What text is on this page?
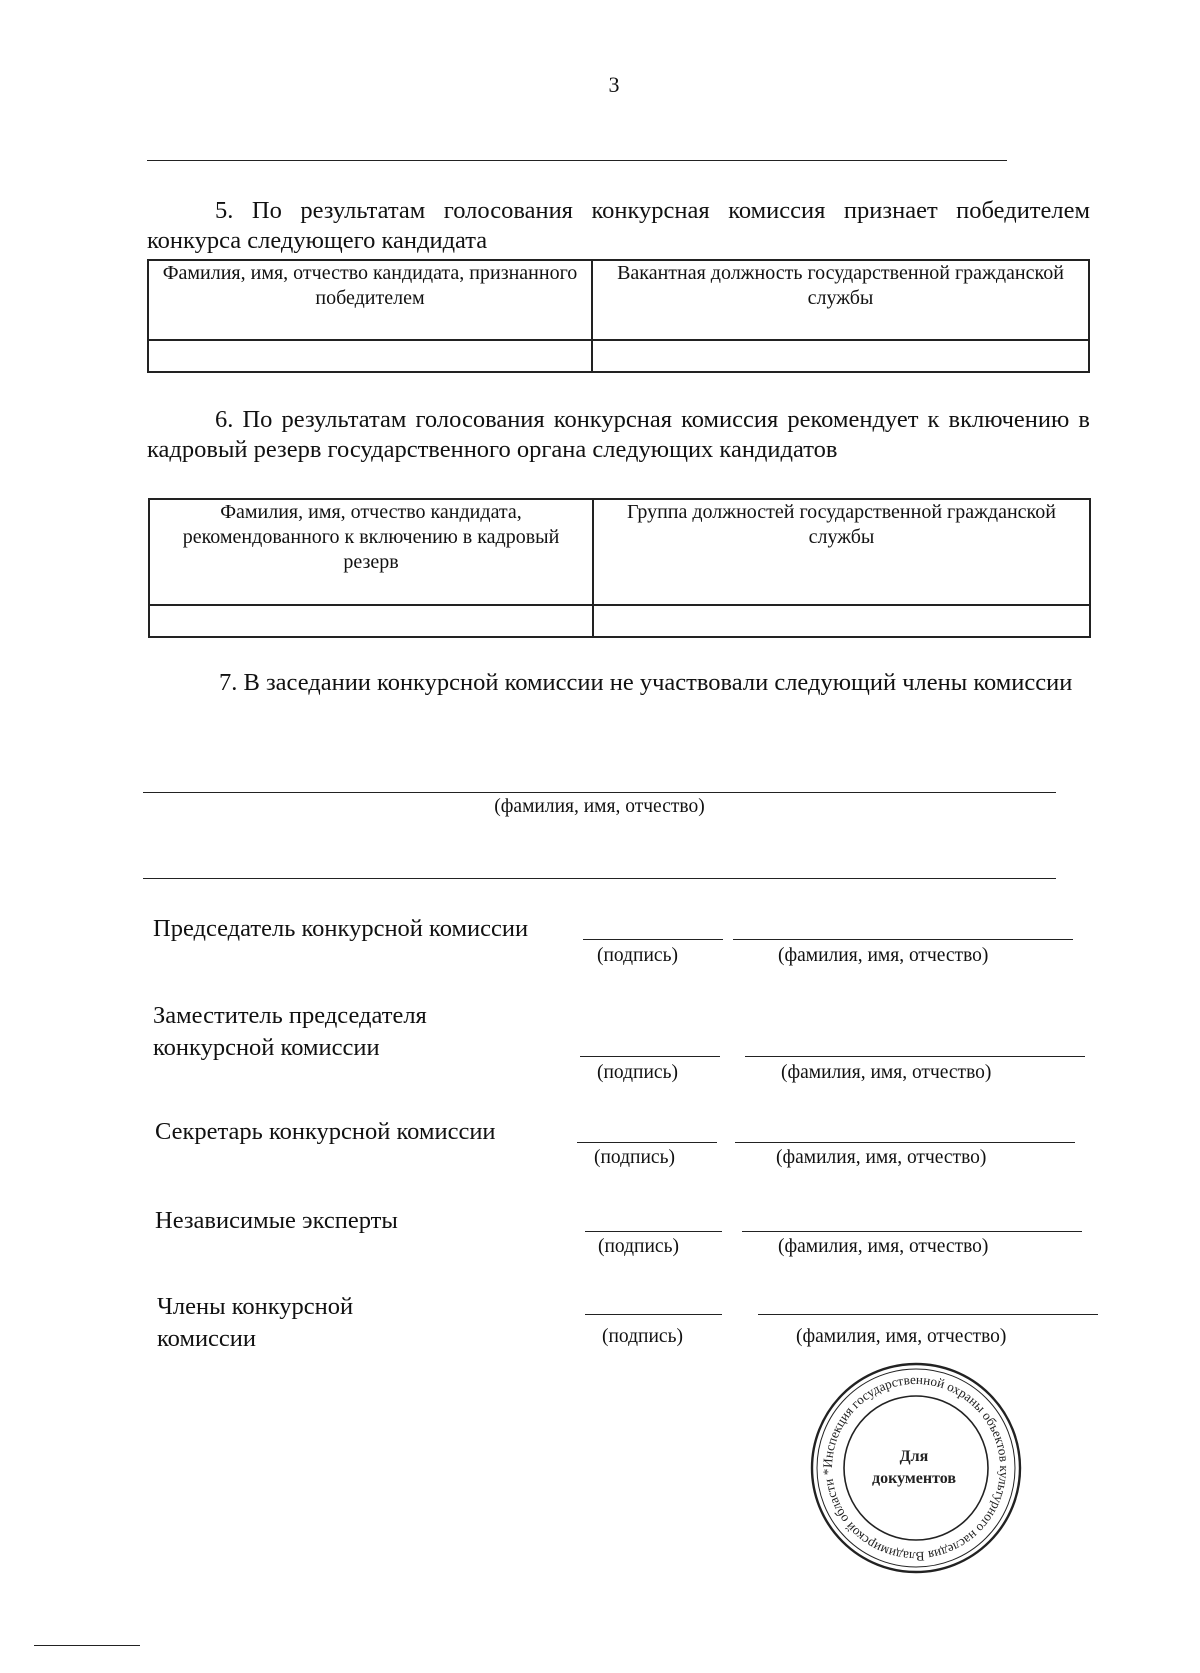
3
5. По результатам голосования конкурсная комиссия признает победителем конкурса следующего кандидата
Фамилия, имя, отчество кандидата, признанного победителем	Вакантная должность государственной гражданской службы

6. По результатам голосования конкурсная комиссия рекомендует к включению в кадровый резерв государственного органа следующих кандидатов
Фамилия, имя, отчество кандидата, рекомендованного к включению в кадровый резерв	Группа должностей государственной гражданской службы

7. В заседании конкурсной комиссии не участвовали следующий члены комиссии
(фамилия, имя, отчество)
Председатель конкурсной комиссии
(подпись)	(фамилия, имя, отчество)
Заместитель председателя конкурсной комиссии
(подпись)	(фамилия, имя, отчество)
Секретарь конкурсной комиссии
(подпись)	(фамилия, имя, отчество)
Независимые эксперты
(подпись)	(фамилия, имя, отчество)
Члены конкурсной комиссии	(подпись)	(фамилия, имя, отчество)
Инспекция государственной охраны объектов культурного наследия Владимирской области *
Для документов
